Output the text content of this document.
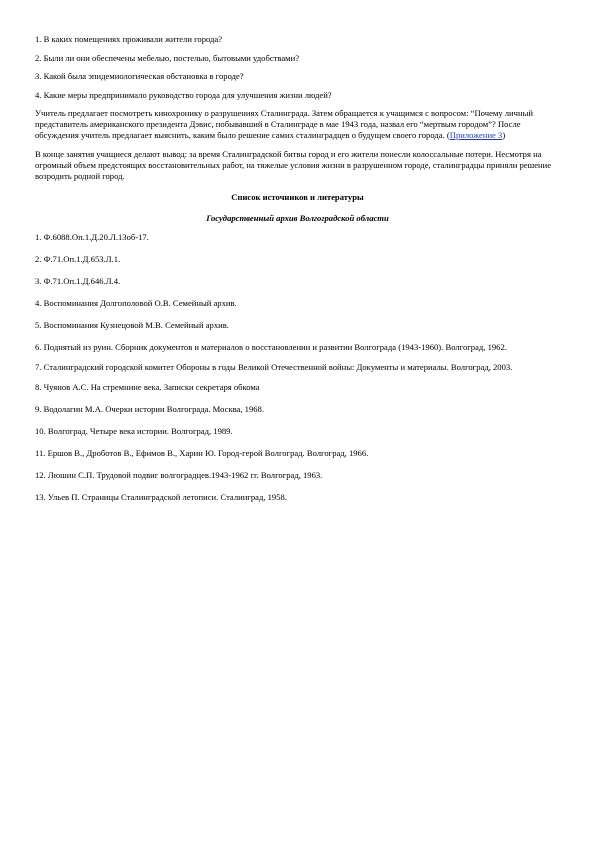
1. В каких помещениях проживали жители города?
2. Были ли они обеспечены мебелью, постелью, бытовыми удобствами?
3. Какой была эпидемиологическая обстановка в городе?
4. Какие меры предпринимало руководство города для улучшения жизни людей?
Учитель предлагает посмотреть кинохронику о разрушениях Сталинграда. Затем обращается к учащимся с вопросом: “Почему личный представитель американского президента Дэвис, побывавший в Сталинграде в мае 1943 года, назвал его “мертвым городом”? После обсуждения учитель предлагает выяснить, каким было решение самих сталинградцев о будущем своего города. (Приложение 3)
В конце занятия учащиеся делают вывод: за время Сталинградской битвы город и его жители понесли колоссальные потери. Несмотря на огромный объем предстоящих восстановительных работ, на тяжелые условия жизни в разрушенном городе, сталинградцы приняли решение возродить родной город.
Список источников и литературы
Государственный архив Волгоградской области
1. Ф.6088.Оп.1.Д.20.Л.13об-17.
2. Ф.71.Оп.1.Д.653.Л.1.
3. Ф.71.Оп.1.Д.646.Л.4.
4. Воспоминания Долгополовой О.В. Семейный архив.
5. Воспоминания Кузнецовой М.В. Семейный архив.
6. Поднятый из руин. Сборник документов и материалов о восстановлении и развитии Волгограда (1943-1960). Волгоград, 1962.
7. Сталинградский городской комитет Обороны в годы Великой Отечественной войны: Документы и материалы. Волгоград, 2003.
8. Чуянов А.С. На стремнине века. Записки секретаря обкома
9. Водолагин М.А. Очерки истории Волгограда. Москва, 1968.
10. Волгоград. Четыре века истории. Волгоград, 1989.
11. Ершов В., Дроботов В., Ефимов В., Харин Ю. Город-герой Волгоград. Волгоград, 1966.
12. Люшин С.П. Трудовой подвиг волгоградцев.1943-1962 гг. Волгоград, 1963.
13. Ульев П. Страницы Сталинградской летописи. Сталинград, 1958.
